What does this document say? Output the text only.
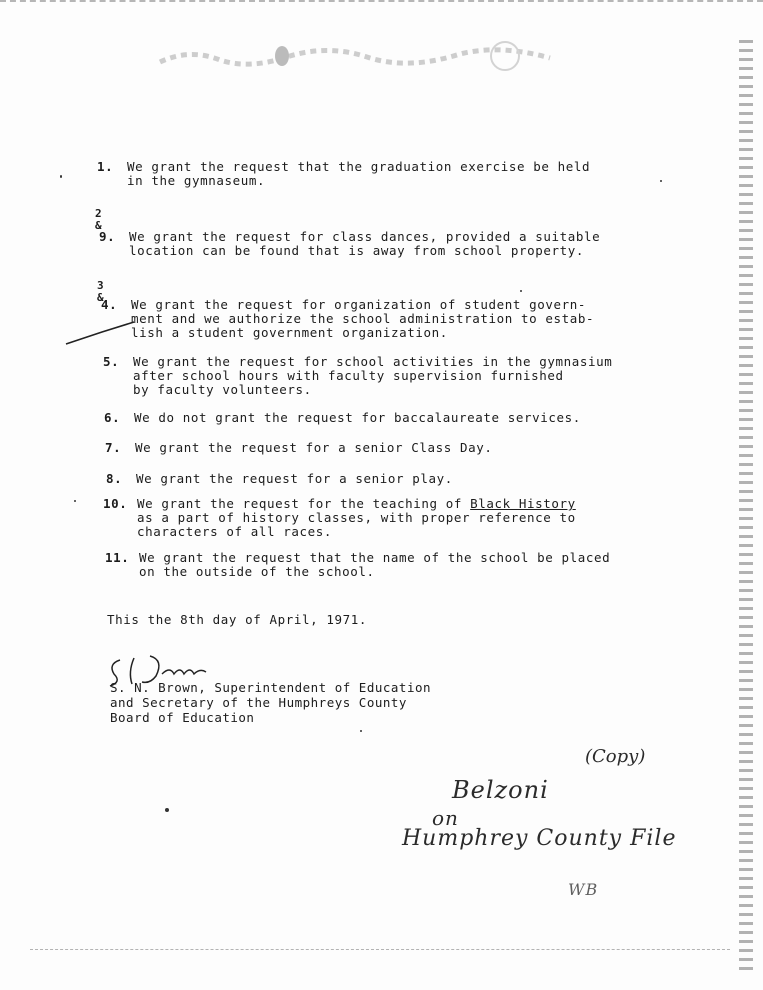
2
&
3
&
1. We grant the request that the graduation exercise be held
in the gymnaseum.
9. We grant the request for class dances, provided a suitable
location can be found that is away from school property.
4. We grant the request for organization of student govern-
ment and we authorize the school administration to estab-
lish a student government organization.
5. We grant the request for school activities in the gymnasium
after school hours with faculty supervision furnished
by faculty volunteers.
6. We do not grant the request for baccalaureate services.
7. We grant the request for a senior Class Day.
8. We grant the request for a senior play.
10. We grant the request for the teaching of Black History
as a part of history classes, with proper reference to
characters of all races.
11. We grant the request that the name of the school be placed
on the outside of the school.
This the 8th day of April, 1971.
S. N. Brown, Superintendent of Education
and Secretary of the Humphreys County
Board of Education
(Copy)
Belzoni
on
Humphrey County File
WB
